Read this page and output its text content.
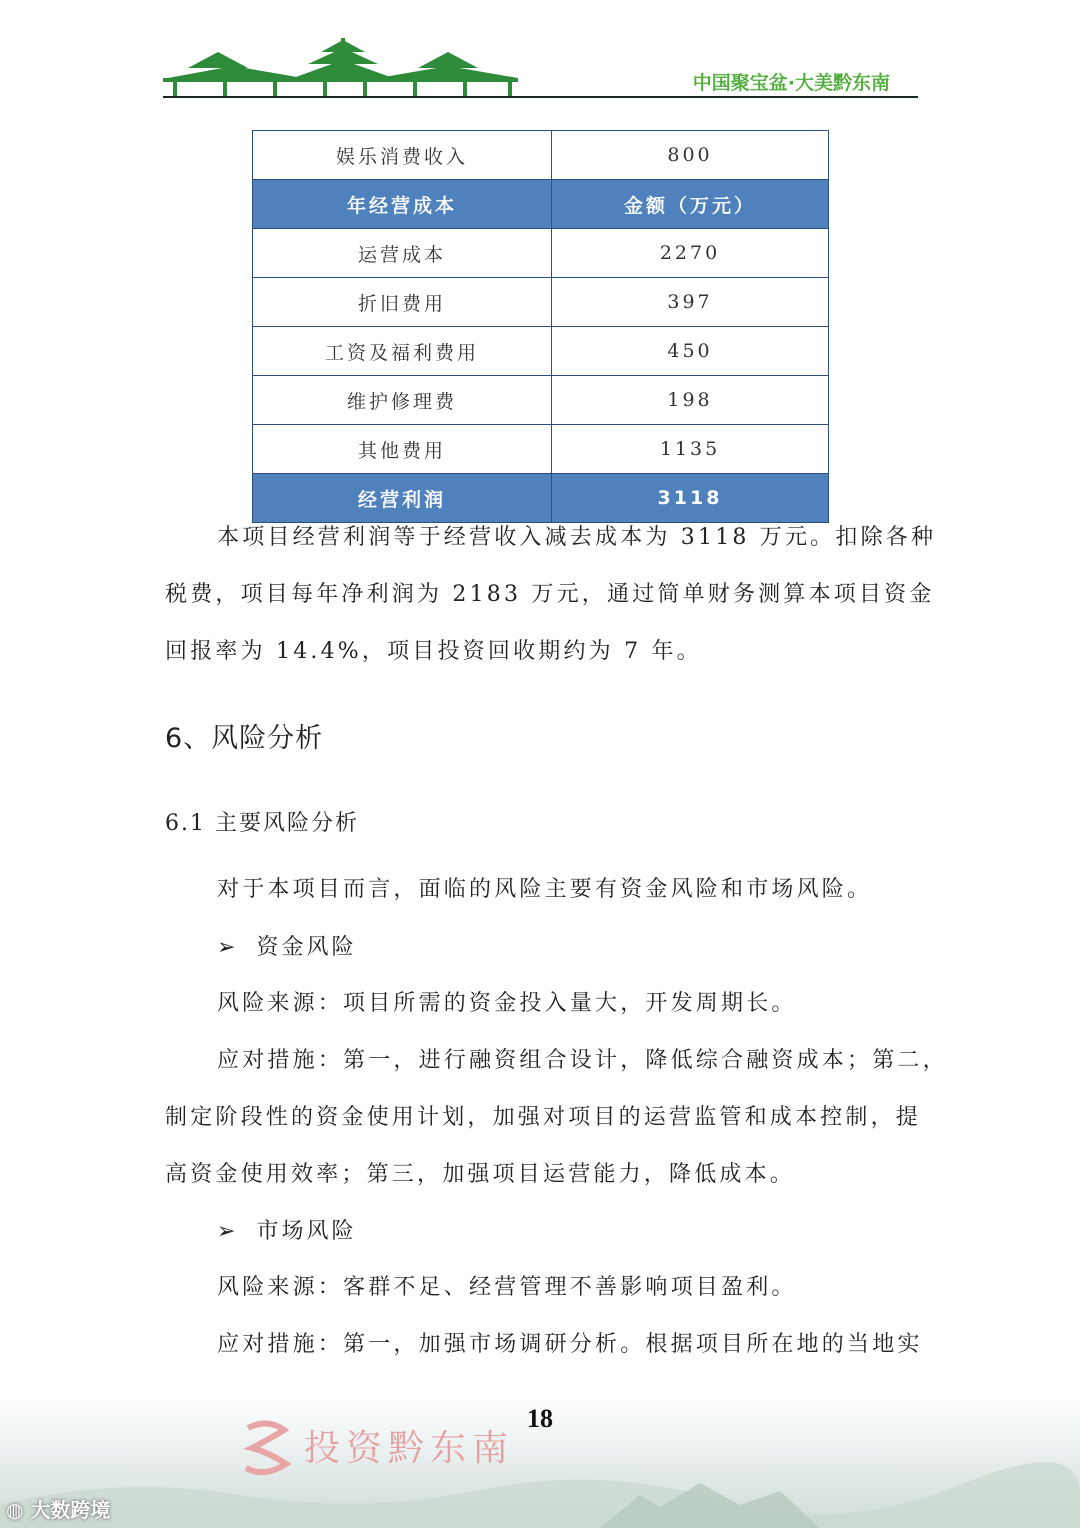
中国聚宝盆·大美黔东南
娱乐消费收入	800
年经营成本	金额（万元）
运营成本	2270
折旧费用	397
工资及福利费用	450
维护修理费	198
其他费用	1135
经营利润	3118
本项目经营利润等于经营收入减去成本为 3118 万元。扣除各种
税费，项目每年净利润为 2183 万元，通过简单财务测算本项目资金
回报率为 14.4%，项目投资回收期约为 7 年。
6、风险分析
6.1 主要风险分析
对于本项目而言，面临的风险主要有资金风险和市场风险。
➢ 资金风险
风险来源：项目所需的资金投入量大，开发周期长。
应对措施：第一，进行融资组合设计，降低综合融资成本；第二，
制定阶段性的资金使用计划，加强对项目的运营监管和成本控制，提
高资金使用效率；第三，加强项目运营能力，降低成本。
➢ 市场风险
风险来源：客群不足、经营管理不善影响项目盈利。
应对措施：第一，加强市场调研分析。根据项目所在地的当地实
18
投资黔东南
◍ 大数跨境
